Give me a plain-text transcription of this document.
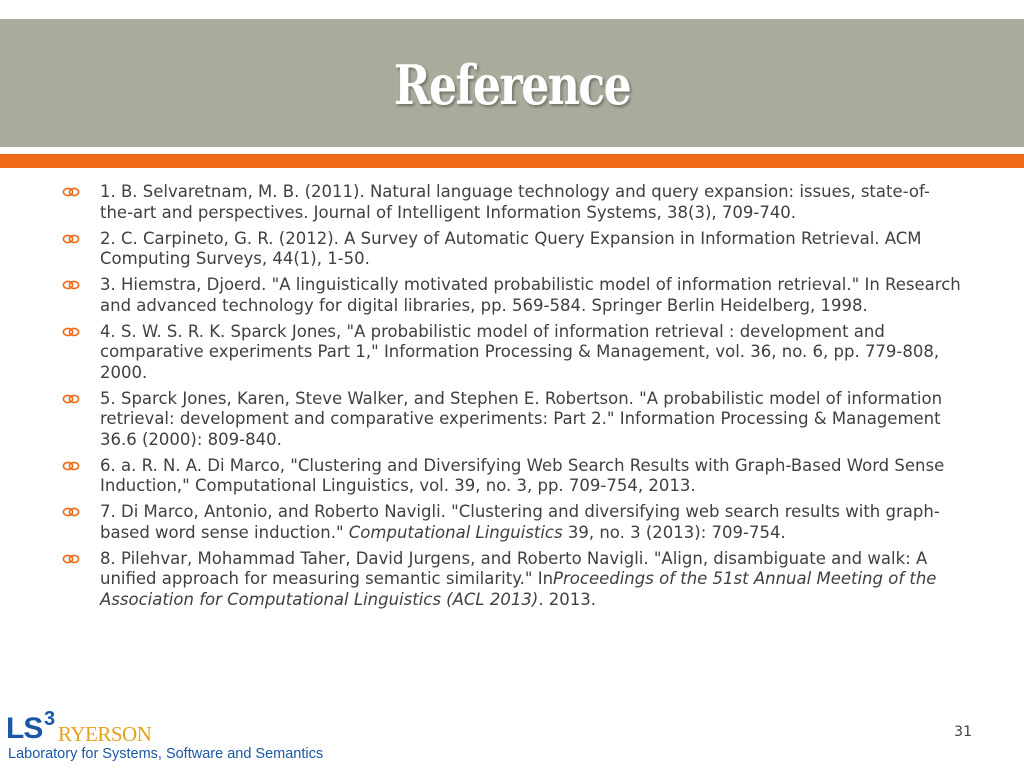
Reference
1. B. Selvaretnam, M. B. (2011). Natural language technology and query expansion: issues, state-of-the-art and perspectives. Journal of Intelligent Information Systems, 38(3), 709-740.
2. C. Carpineto, G. R. (2012). A Survey of Automatic Query Expansion in Information Retrieval. ACM Computing Surveys, 44(1), 1-50.
3. Hiemstra, Djoerd. "A linguistically motivated probabilistic model of information retrieval." In Research and advanced technology for digital libraries, pp. 569-584. Springer Berlin Heidelberg, 1998.
4. S. W. S. R. K. Sparck Jones, "A probabilistic model of information retrieval : development and comparative experiments Part 1," Information Processing & Management, vol. 36, no. 6, pp. 779-808, 2000.
5. Sparck Jones, Karen, Steve Walker, and Stephen E. Robertson. "A probabilistic model of information retrieval: development and comparative experiments: Part 2." Information Processing & Management 36.6 (2000): 809-840.
6. a. R. N. A. Di Marco, "Clustering and Diversifying Web Search Results with Graph-Based Word Sense Induction," Computational Linguistics, vol. 39, no. 3, pp. 709-754, 2013.
7. Di Marco, Antonio, and Roberto Navigli. "Clustering and diversifying web search results with graph-based word sense induction." Computational Linguistics 39, no. 3 (2013): 709-754.
8. Pilehvar, Mohammad Taher, David Jurgens, and Roberto Navigli. "Align, disambiguate and walk: A unified approach for measuring semantic similarity." InProceedings of the 51st Annual Meeting of the Association for Computational Linguistics (ACL 2013). 2013.
LS 3
RYERSON
Laboratory for Systems, Software and Semantics
31
